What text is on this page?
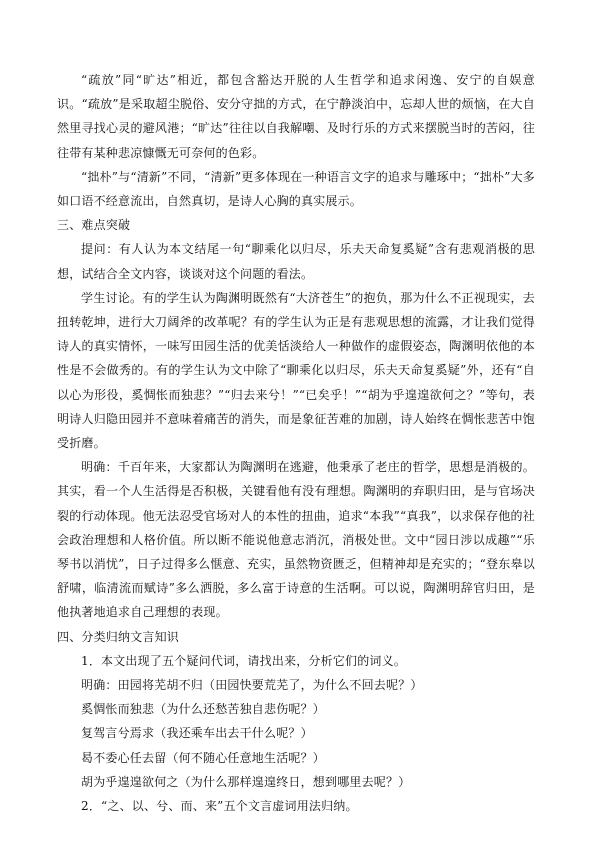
“疏放”同“旷达”相近，都包含豁达开脱的人生哲学和追求闲逸、安宁的自娱意识。“疏放”是采取超尘脱俗、安分守拙的方式，在宁静淡泊中，忘却人世的烦恼，在大自然里寻找心灵的避风港；“旷达”往往以自我解嘲、及时行乐的方式来摆脱当时的苦闷，往往带有某种悲凉慷慨无可奈何的色彩。

“拙朴”与“清新”不同，“清新”更多体现在一种语言文字的追求与雕琢中；“拙朴”大多如口语不经意流出，自然真切，是诗人心胸的真实展示。

三、难点突破

提问：有人认为本文结尾一句“聊乘化以归尽，乐夫天命复奚疑”含有悲观消极的思想，试结合全文内容，谈谈对这个问题的看法。

学生讨论。有的学生认为陶渊明既然有“大济苍生”的抱负，那为什么不正视现实，去扭转乾坤，进行大刀阔斧的改革呢？有的学生认为正是有悲观思想的流露，才让我们觉得诗人的真实情怀，一味写田园生活的优美恬淡给人一种做作的虚假姿态，陶渊明依他的本性是不会做秀的。有的学生认为文中除了“聊乘化以归尽，乐夫天命复奚疑”外，还有“自以心为形役，奚惆怅而独悲？”“归去来兮！”“已矣乎！”“胡为乎遑遑欲何之？”等句，表明诗人归隐田园并不意味着痛苦的消失，而是象征苦难的加剧，诗人始终在惆怅悲苦中饱受折磨。

明确：千百年来，大家都认为陶渊明在逃避，他秉承了老庄的哲学，思想是消极的。其实，看一个人生活得是否积极，关键看他有没有理想。陶渊明的弃职归田，是与官场决裂的行动体现。他无法忍受官场对人的本性的扭曲，追求“本我”“真我”，以求保存他的社会政治理想和人格价值。所以断不能说他意志消沉，消极处世。文中“园日涉以成趣”“乐琴书以消忧”，日子过得多么惬意、充实，虽然物资匮乏，但精神却是充实的；“登东皋以舒啸，临清流而赋诗”多么洒脱，多么富于诗意的生活啊。可以说，陶渊明辞官归田，是他执著地追求自己理想的表现。

四、分类归纳文言知识

1．本文出现了五个疑问代词，请找出来，分析它们的词义。

明确：田园将芜胡不归（田园快要荒芜了，为什么不回去呢？）

奚惆怅而独悲（为什么还愁苦独自悲伤呢？）

复驾言兮焉求（我还乘车出去干什么呢？）

曷不委心任去留（何不随心任意地生活呢？）

胡为乎遑遑欲何之（为什么那样遑遑终日，想到哪里去呢？）

2．“之、以、兮、而、来”五个文言虚词用法归纳。
